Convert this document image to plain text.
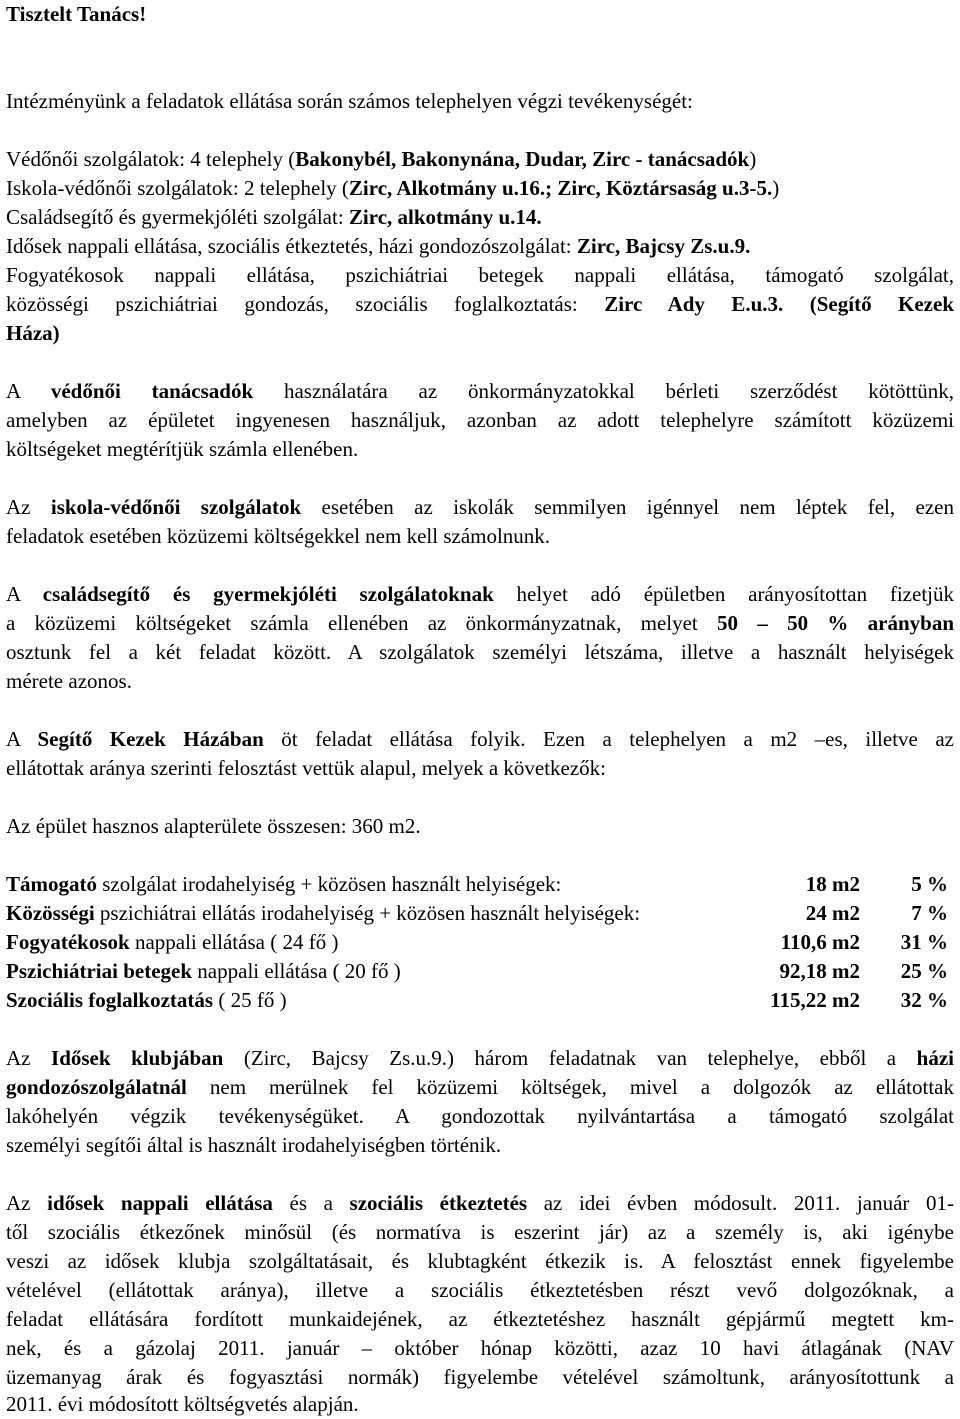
Tisztelt Tanács!
Intézményünk a feladatok ellátása során számos telephelyen végzi tevékenységét:
Védőnői szolgálatok: 4 telephely (Bakonybél, Bakonynána, Dudar, Zirc - tanácsadók)
Iskola-védőnői szolgálatok: 2 telephely (Zirc, Alkotmány u.16.; Zirc, Köztársaság u.3-5.)
Családsegítő és gyermekjóléti szolgálat: Zirc, alkotmány u.14.
Idősek nappali ellátása, szociális étkeztetés, házi gondozószolgálat: Zirc, Bajcsy Zs.u.9.
Fogyatékosok nappali ellátása, pszichiátriai betegek nappali ellátása, támogató szolgálat,
közösségi pszichiátriai gondozás, szociális foglalkoztatás: Zirc Ady E.u.3. (Segítő Kezek
Háza)
A védőnői tanácsadók használatára az önkormányzatokkal bérleti szerződést kötöttünk,
amelyben az épületet ingyenesen használjuk, azonban az adott telephelyre számított közüzemi
költségeket megtérítjük számla ellenében.
Az iskola-védőnői szolgálatok esetében az iskolák semmilyen igénnyel nem léptek fel, ezen
feladatok esetében közüzemi költségekkel nem kell számolnunk.
A családsegítő és gyermekjóléti szolgálatoknak helyet adó épületben arányosítottan fizetjük
a közüzemi költségeket számla ellenében az önkormányzatnak, melyet 50 – 50 % arányban
osztunk fel a két feladat között. A szolgálatok személyi létszáma, illetve a használt helyiségek
mérete azonos.
A Segítő Kezek Házában öt feladat ellátása folyik. Ezen a telephelyen a m2 –es, illetve az
ellátottak aránya szerinti felosztást vettük alapul, melyek a következők:
Az épület hasznos alapterülete összesen: 360 m2.
Támogató szolgálat irodahelyiség + közösen használt helyiségek:	18 m2 5 %
Közösségi pszichiátrai ellátás irodahelyiség + közösen használt helyiségek:	24 m2 7 %
Fogyatékosok nappali ellátása ( 24 fő )	110,6 m2 31 %
Pszichiátriai betegek nappali ellátása ( 20 fő )	92,18 m2 25 %
Szociális foglalkoztatás ( 25 fő )	115,22 m2 32 %
Az Idősek klubjában (Zirc, Bajcsy Zs.u.9.) három feladatnak van telephelye, ebből a házi
gondozószolgálatnál nem merülnek fel közüzemi költségek, mivel a dolgozók az ellátottak
lakóhelyén végzik tevékenységüket. A gondozottak nyilvántartása a támogató szolgálat
személyi segítői által is használt irodahelyiségben történik.
Az idősek nappali ellátása és a szociális étkeztetés az idei évben módosult. 2011. január 01-
től szociális étkezőnek minősül (és normatíva is eszerint jár) az a személy is, aki igénybe
veszi az idősek klubja szolgáltatásait, és klubtagként étkezik is. A felosztást ennek figyelembe
vételével (ellátottak aránya), illetve a szociális étkeztetésben részt vevő dolgozóknak, a
feladat ellátására fordított munkaidejének, az étkeztetéshez használt gépjármű megtett km-
nek, és a gázolaj 2011. január – október hónap közötti, azaz 10 havi átlagának (NAV
üzemanyag árak és fogyasztási normák) figyelembe vételével számoltunk, arányosítottunk a
2011. évi módosított költségvetés alapján.
